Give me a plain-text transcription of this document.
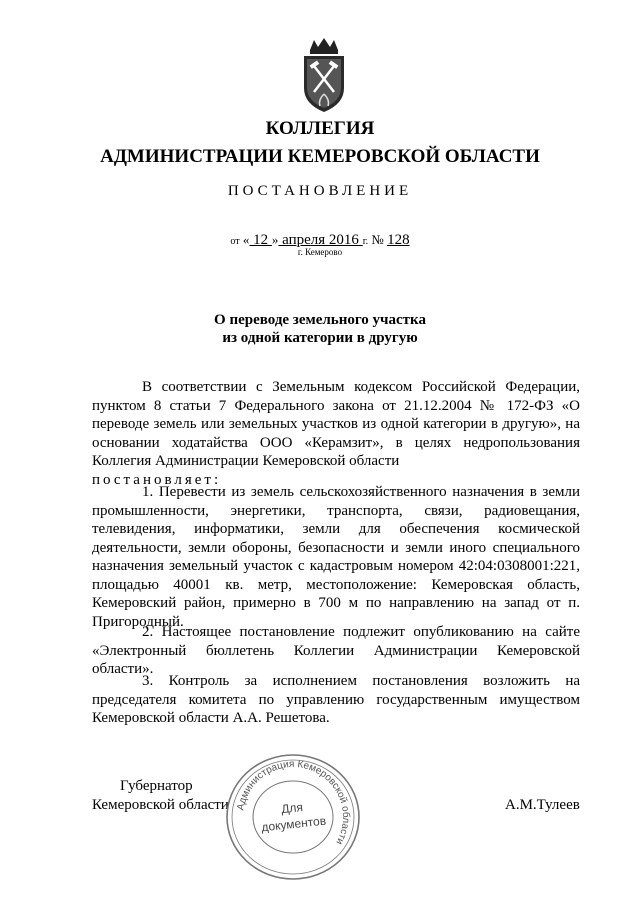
КОЛЛЕГИЯ
АДМИНИСТРАЦИИ КЕМЕРОВСКОЙ ОБЛАСТИ
ПОСТАНОВЛЕНИЕ
от « 12 » апреля 2016 г. № 128
г. Кемерово
О переводе земельного участка
из одной категории в другую
В соответствии с Земельным кодексом Российской Федерации, пунктом 8 статьи 7 Федерального закона от 21.12.2004 № 172-ФЗ «О переводе земель или земельных участков из одной категории в другую», на основании ходатайства ООО «Керамзит», в целях недропользования Коллегия Администрации Кемеровской области
постановляет:
1. Перевести из земель сельскохозяйственного назначения в земли промышленности, энергетики, транспорта, связи, радиовещания, телевидения, информатики, земли для обеспечения космической деятельности, земли обороны, безопасности и земли иного специального назначения земельный участок с кадастровым номером 42:04:0308001:221, площадью 40001 кв. метр, местоположение: Кемеровская область, Кемеровский район, примерно в 700 м по направлению на запад от п. Пригородный.
2. Настоящее постановление подлежит опубликованию на сайте «Электронный бюллетень Коллегии Администрации Кемеровской области».
3. Контроль за исполнением постановления возложить на председателя комитета по управлению государственным имуществом Кемеровской области А.А. Решетова.
Губернатор
Кемеровской области	А.М.Тулеев
Администрация Кемеровской области
Для
документов
